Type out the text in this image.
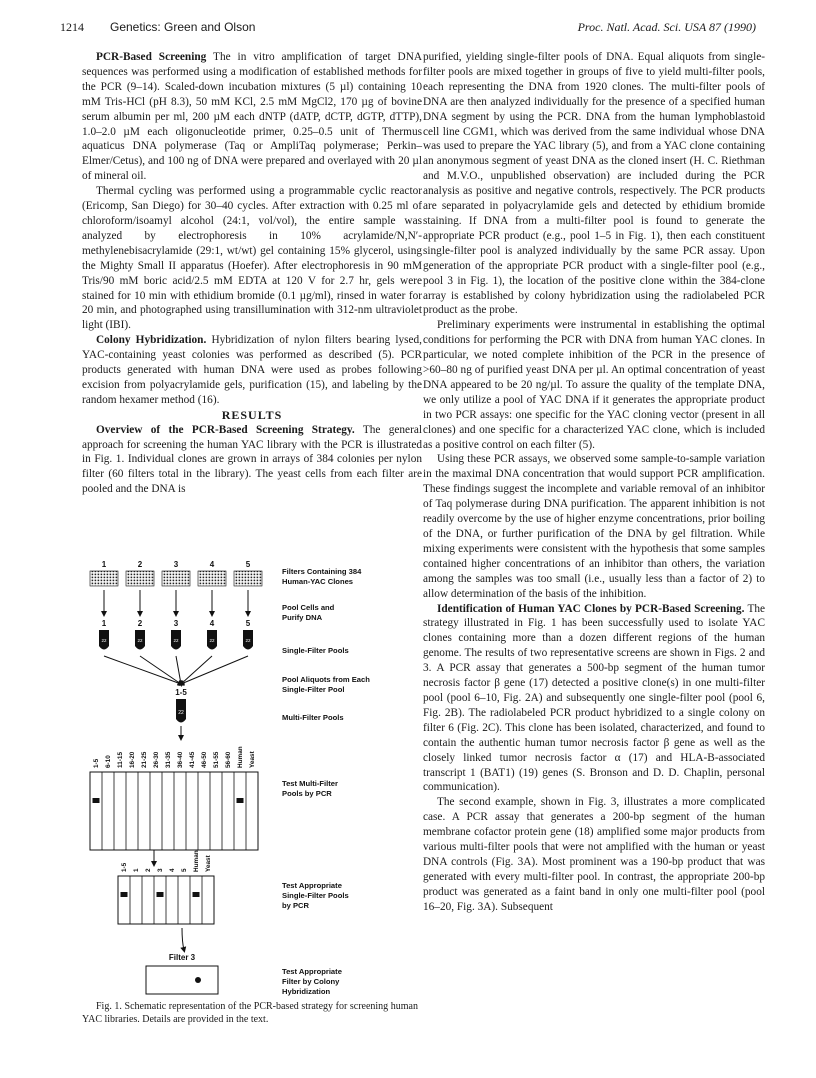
1214 Genetics: Green and Olson	Proc. Natl. Acad. Sci. USA 87 (1990)

PCR-Based Screening The in vitro amplification of target DNA sequences was performed using a modification of established methods for the PCR (9–14). Scaled-down incubation mixtures (5 µl) containing 10 mM Tris-HCl (pH 8.3), 50 mM KCl, 2.5 mM MgCl2, 170 µg of bovine serum albumin per ml, 200 µM each dNTP (dATP, dCTP, dGTP, dTTP), 1.0–2.0 µM each oligonucleotide primer, 0.25–0.5 unit of Thermus aquaticus DNA polymerase (Taq or AmpliTaq polymerase; Perkin–Elmer/Cetus), and 100 ng of DNA were prepared and overlayed with 20 µl of mineral oil.

Thermal cycling was performed using a programmable cyclic reactor (Ericomp, San Diego) for 30–40 cycles. After extraction with 0.25 ml of chloroform/isoamyl alcohol (24:1, vol/vol), the entire sample was analyzed by electrophoresis in 10% acrylamide/N,N′-methylenebisacrylamide (29:1, wt/wt) gel containing 15% glycerol, using the Mighty Small II apparatus (Hoefer). After electrophoresis in 90 mM Tris/90 mM boric acid/2.5 mM EDTA at 120 V for 2.7 hr, gels were stained for 10 min with ethidium bromide (0.1 µg/ml), rinsed in water for 20 min, and photographed using transillumination with 312-nm ultraviolet light (IBI).

Colony Hybridization. Hybridization of nylon filters bearing lysed, YAC-containing yeast colonies was performed as described (5). PCR products generated with human DNA were used as probes following excision from polyacrylamide gels, purification (15), and labeling by the random hexamer method (16).

RESULTS

Overview of the PCR-Based Screening Strategy. The general approach for screening the human YAC library with the PCR is illustrated in Fig. 1. Individual clones are grown in arrays of 384 colonies per nylon filter (60 filters total in the library). The yeast cells from each filter are pooled and the DNA is

purified, yielding single-filter pools of DNA. Equal aliquots from single-filter pools are mixed together in groups of five to yield multi-filter pools, each representing the DNA from 1920 clones. The multi-filter pools of DNA are then analyzed individually for the presence of a specified human DNA segment by using the PCR. DNA from the human lymphoblastoid cell line CGM1, which was derived from the same individual whose DNA was used to prepare the YAC library (5), and from a YAC clone containing an anonymous segment of yeast DNA as the cloned insert (H. C. Riethman and M.V.O., unpublished observation) are included during the PCR analysis as positive and negative controls, respectively. The PCR products are separated in polyacrylamide gels and detected by ethidium bromide staining. If DNA from a multi-filter pool is found to generate the appropriate PCR product (e.g., pool 1–5 in Fig. 1), then each constituent single-filter pool is analyzed individually by the same PCR assay. Upon generation of the appropriate PCR product with a single-filter pool (e.g., pool 3 in Fig. 1), the location of the positive clone within the 384-clone array is established by colony hybridization using the radiolabeled PCR product as the probe.

Preliminary experiments were instrumental in establishing the optimal conditions for performing the PCR with DNA from human YAC clones. In particular, we noted complete inhibition of the PCR in the presence of >60–80 ng of purified yeast DNA per µl. An optimal concentration of yeast DNA appeared to be 20 ng/µl. To assure the quality of the template DNA, we only utilize a pool of YAC DNA if it generates the appropriate product in two PCR assays: one specific for the YAC cloning vector (present in all clones) and one specific for a characterized YAC clone, which is included as a positive control on each filter (5).

Using these PCR assays, we observed some sample-to-sample variation in the maximal DNA concentration that would support PCR amplification. These findings suggest the incomplete and variable removal of an inhibitor of Taq polymerase during DNA purification. The apparent inhibition is not readily overcome by the use of higher enzyme concentrations, prior boiling of the DNA, or further purification of the DNA by gel filtration. While mixing experiments were consistent with the hypothesis that some samples contained higher concentrations of an inhibitor than others, the variation among the samples was too small (i.e., usually less than a factor of 2) to allow determination of the basis of the inhibition.

Identification of Human YAC Clones by PCR-Based Screening. The strategy illustrated in Fig. 1 has been successfully used to isolate YAC clones containing more than a dozen different regions of the human genome. The results of two representative screens are shown in Figs. 2 and 3. A PCR assay that generates a 500-bp segment of the human tumor necrosis factor β gene (17) detected a positive clone(s) in one multi-filter pool (pool 6–10, Fig. 2A) and subsequently one single-filter pool (pool 6, Fig. 2B). The radiolabeled PCR product hybridized to a single colony on filter 6 (Fig. 2C). This clone has been isolated, characterized, and found to contain the authentic human tumor necrosis factor β gene as well as the closely linked tumor necrosis factor α (17) and HLA-B-associated transcript 1 (BAT1) (19) genes (S. Bronson and D. D. Chaplin, personal communication).

The second example, shown in Fig. 3, illustrates a more complicated case. A PCR assay that generates a 200-bp segment of the human membrane cofactor protein gene (18) amplified some major products from various multi-filter pools that were not amplified with the human or yeast DNA controls (Fig. 3A). Most prominent was a 190-bp product that was generated with every multi-filter pool. In contrast, the appropriate 200-bp product was generated as a faint band in only one multi-filter pool (pool 16–20, Fig. 3A). Subsequent

1	2	3	4	5
Filters Containing 384
Human-YAC Clones
Pool Cells and
Purify DNA
1	2	3	4	5
22	22	22	22	22
Single-Filter Pools
Pool Aliquots from Each
Single-Filter Pool
1-5
22	Multi-Filter Pools
1-5 6-10 11-15 16-20 21-25 26-30 31-35 36-40 41-45 46-50 51-55 56-60 Human Yeast
Test Multi-Filter
Pools by PCR
1-5 1 2 3 4 5 Human Yeast
Test Appropriate
Single-Filter Pools
by PCR
Filter 3
Test Appropriate
Filter by Colony
Hybridization
Fig. 1. Schematic representation of the PCR-based strategy for screening human YAC libraries. Details are provided in the text.
